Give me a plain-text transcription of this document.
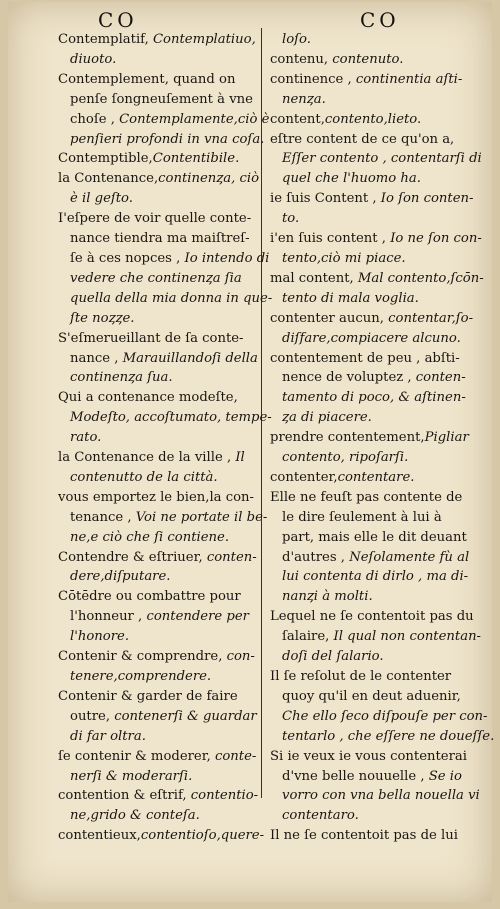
CO	CO
Contemplatif, Contemplatiuo,
diuoto.
Contemplement, quand on
penſe ſongneuſement à vne
choſe , Contemplamente,ciò è
penſieri profondi in vna coſa.
Contemptible,Contentibile.
la Contenance,continenȥa, ciò
è il geſto.
I'eſpere de voir quelle conte-
nance tiendra ma maiſtreſ-
ſe à ces nopces , Io intendo di
vedere che continenȥa ſia
quella della mia donna in que-
ſte noȥȥe.
S'eſmerueillant de ſa conte-
nance , Marauillandoſi della
continenȥa ſua.
Qui a contenance modeſte,
Modeſto, accoſtumato, tempe-
rato.
la Contenance de la ville , Il
contenutto de la città.
vous emportez le bien,la con-
tenance , Voi ne portate il be-
ne,e ciò che ſi contiene.
Contendre & eſtriuer, conten-
dere,diſputare.
Cōtēdre ou combattre pour
l'honneur , contendere per
l'honore.
Contenir & comprendre, con-
tenere,comprendere.
Contenir & garder de faire
outre, contenerſi & guardar
di far oltra.
ſe contenir & moderer, conte-
nerſi & moderarſi.
contention & eſtrif, contentio-
ne,grido & conteſa.
contentieux,contentioſo,quere-
loſo.
contenu, contenuto.
continence , continentia aſti-
nenȥa.
content,contento,lieto.
eſtre content de ce qu'on a,
Eſſer contento , contentarſi di
quel che l'huomo ha.
ie ſuis Content , Io ſon conten-
to.
i'en ſuis content , Io ne ſon con-
tento,ciò mi piace.
mal content, Mal contento,ſcōn-
tento di mala voglia.
contenter aucun, contentar,ſo-
diſfare,compiacere alcuno.
contentement de peu , abſti-
nence de voluptez , conten-
tamento di poco, & aſtinen-
ȥa di piacere.
prendre contentement,Pigliar
contento, ripoſarſi.
contenter,contentare.
Elle ne feuſt pas contente de
le dire ſeulement à lui à
part, mais elle le dit deuant
d'autres , Neſolamente fù al
lui contenta di dirlo , ma di-
nanȥi à molti.
Lequel ne ſe contentoit pas du
ſalaire, Il qual non contentan-
doſi del ſalario.
Il ſe reſolut de le contenter
quoy qu'il en deut aduenir,
Che ello ſeco diſpouſe per con-
tentarlo , che eſſere ne doueſſe.
Si ie veux ie vous contenterai
d'vne belle nouuelle , Se io
vorro con vna bella nouella vi
contentaro.
Il ne ſe contentoit pas de lui
